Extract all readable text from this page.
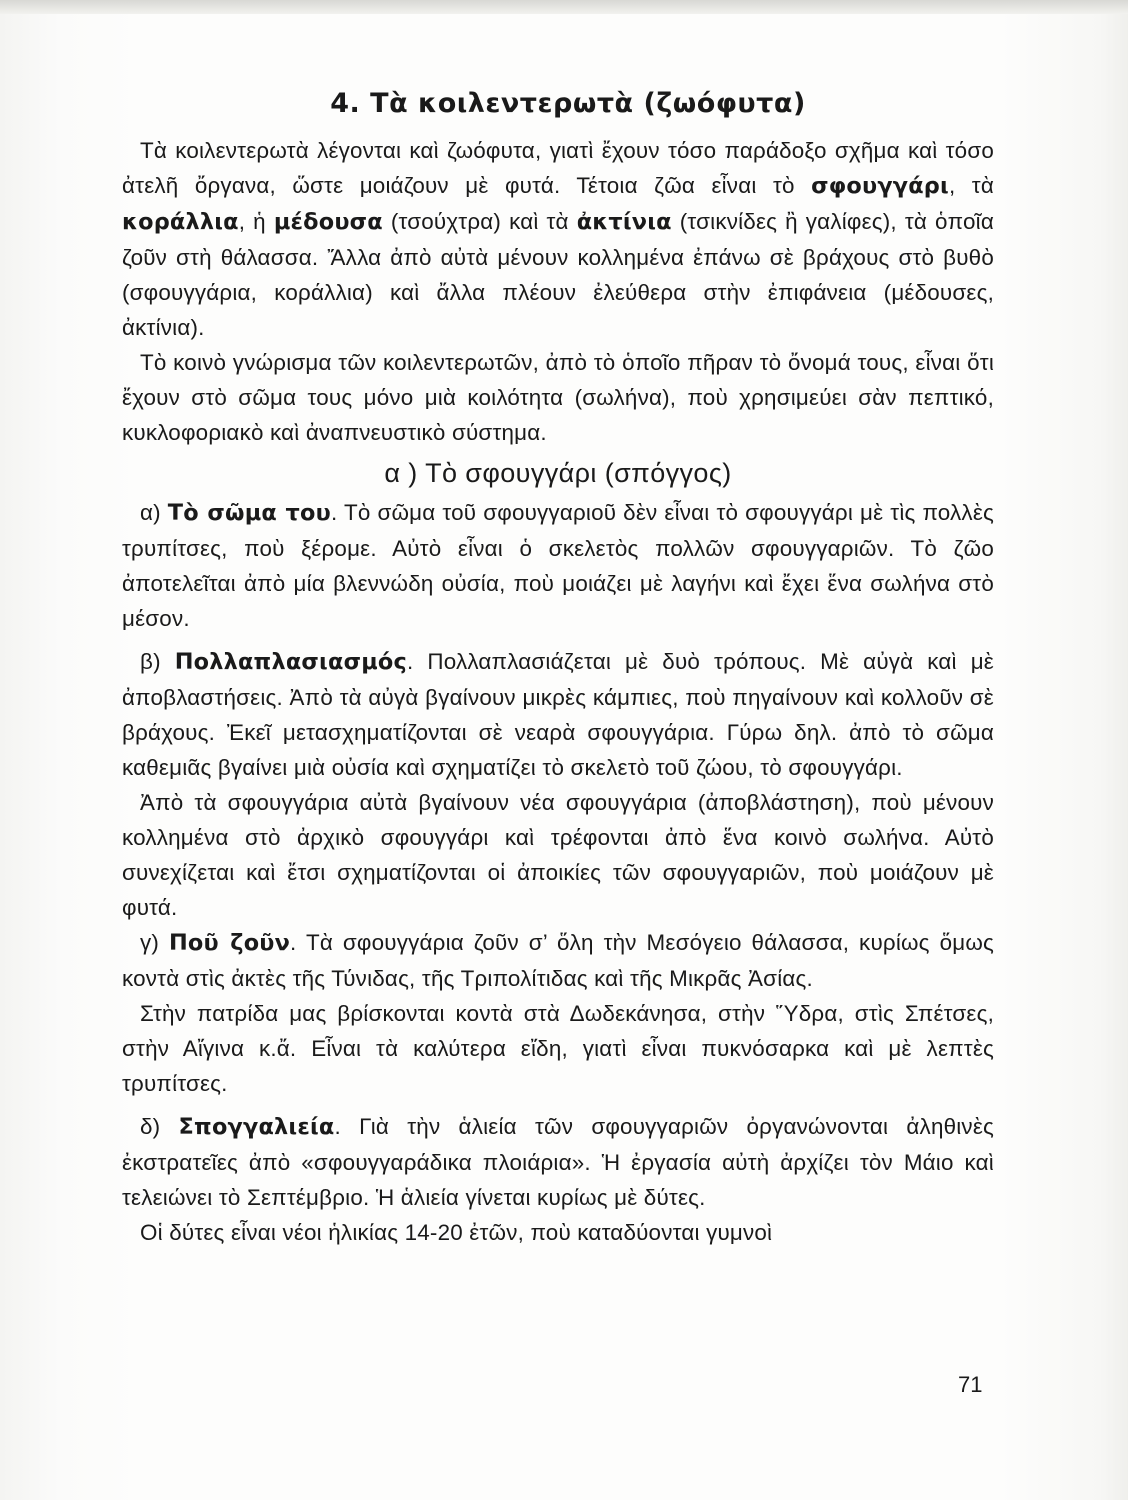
4. Τὰ κοιλεντερωτὰ (ζωόφυτα)

Τὰ κοιλεντερωτὰ λέγονται καὶ ζωόφυτα, γιατὶ ἔχουν τόσο παράδοξο σχῆμα καὶ τόσο ἀτελῆ ὄργανα, ὥστε μοιάζουν μὲ φυτά. Τέτοια ζῶα εἶναι τὸ σφουγγάρι, τὰ κοράλλια, ἡ μέδουσα (τσούχτρα) καὶ τὰ ἀκτίνια (τσικνίδες ἢ γαλίφες), τὰ ὁποῖα ζοῦν στὴ θάλασσα. Ἄλλα ἀπὸ αὐτὰ μένουν κολλημένα ἐπάνω σὲ βράχους στὸ βυθὸ (σφουγγάρια, κοράλλια) καὶ ἄλλα πλέουν ἐλεύθερα στὴν ἐπιφάνεια (μέδουσες, ἀκτίνια).

Τὸ κοινὸ γνώρισμα τῶν κοιλεντερωτῶν, ἀπὸ τὸ ὁποῖο πῆραν τὸ ὄνομά τους, εἶναι ὅτι ἔχουν στὸ σῶμα τους μόνο μιὰ κοιλότητα (σωλήνα), ποὺ χρησιμεύει σὰν πεπτικό, κυκλοφοριακὸ καὶ ἀναπνευστικὸ σύστημα.

α ) Τὸ σφουγγάρι (σπόγγος)

α) Τὸ σῶμα του. Τὸ σῶμα τοῦ σφουγγαριοῦ δὲν εἶναι τὸ σφουγγάρι μὲ τὶς πολλὲς τρυπίτσες, ποὺ ξέρομε. Αὐτὸ εἶναι ὁ σκελετὸς πολλῶν σφουγγαριῶν. Τὸ ζῶο ἀποτελεῖται ἀπὸ μία βλεννώδη οὐσία, ποὺ μοιάζει μὲ λαγήνι καὶ ἔχει ἕνα σωλήνα στὸ μέσον.

β) Πολλαπλασιασμός. Πολλαπλασιάζεται μὲ δυὸ τρόπους. Μὲ αὐγὰ καὶ μὲ ἀποβλαστήσεις. Ἀπὸ τὰ αὐγὰ βγαίνουν μικρὲς κάμπιες, ποὺ πηγαίνουν καὶ κολλοῦν σὲ βράχους. Ἐκεῖ μετασχηματίζονται σὲ νεαρὰ σφουγγάρια. Γύρω δηλ. ἀπὸ τὸ σῶμα καθεμιᾶς βγαίνει μιὰ οὐσία καὶ σχηματίζει τὸ σκελετὸ τοῦ ζώου, τὸ σφουγγάρι.

Ἀπὸ τὰ σφουγγάρια αὐτὰ βγαίνουν νέα σφουγγάρια (ἀποβλάστηση), ποὺ μένουν κολλημένα στὸ ἀρχικὸ σφουγγάρι καὶ τρέφονται ἀπὸ ἕνα κοινὸ σωλήνα. Αὐτὸ συνεχίζεται καὶ ἔτσι σχηματίζονται οἱ ἀποικίες τῶν σφουγγαριῶν, ποὺ μοιάζουν μὲ φυτά.

γ) Ποῦ ζοῦν. Τὰ σφουγγάρια ζοῦν σ’ ὅλη τὴν Μεσόγειο θάλασσα, κυρίως ὅμως κοντὰ στὶς ἀκτὲς τῆς Τύνιδας, τῆς Τριπολίτιδας καὶ τῆς Μικρᾶς Ἀσίας.

Στὴν πατρίδα μας βρίσκονται κοντὰ στὰ Δωδεκάνησα, στὴν Ὕδρα, στὶς Σπέτσες, στὴν Αἴγινα κ.ἄ. Εἶναι τὰ καλύτερα εἴδη, γιατὶ εἶναι πυκνόσαρκα καὶ μὲ λεπτὲς τρυπίτσες.

δ) Σπογγαλιεία. Γιὰ τὴν ἁλιεία τῶν σφουγγαριῶν ὀργανώνονται ἀληθινὲς ἐκστρατεῖες ἀπὸ «σφουγγαράδικα πλοιάρια». Ἡ ἐργασία αὐτὴ ἀρχίζει τὸν Μάιο καὶ τελειώνει τὸ Σεπτέμβριο. Ἡ ἁλιεία γίνεται κυρίως μὲ δύτες.

Οἱ δύτες εἶναι νέοι ἡλικίας 14-20 ἐτῶν, ποὺ καταδύονται γυμνοὶ

71
